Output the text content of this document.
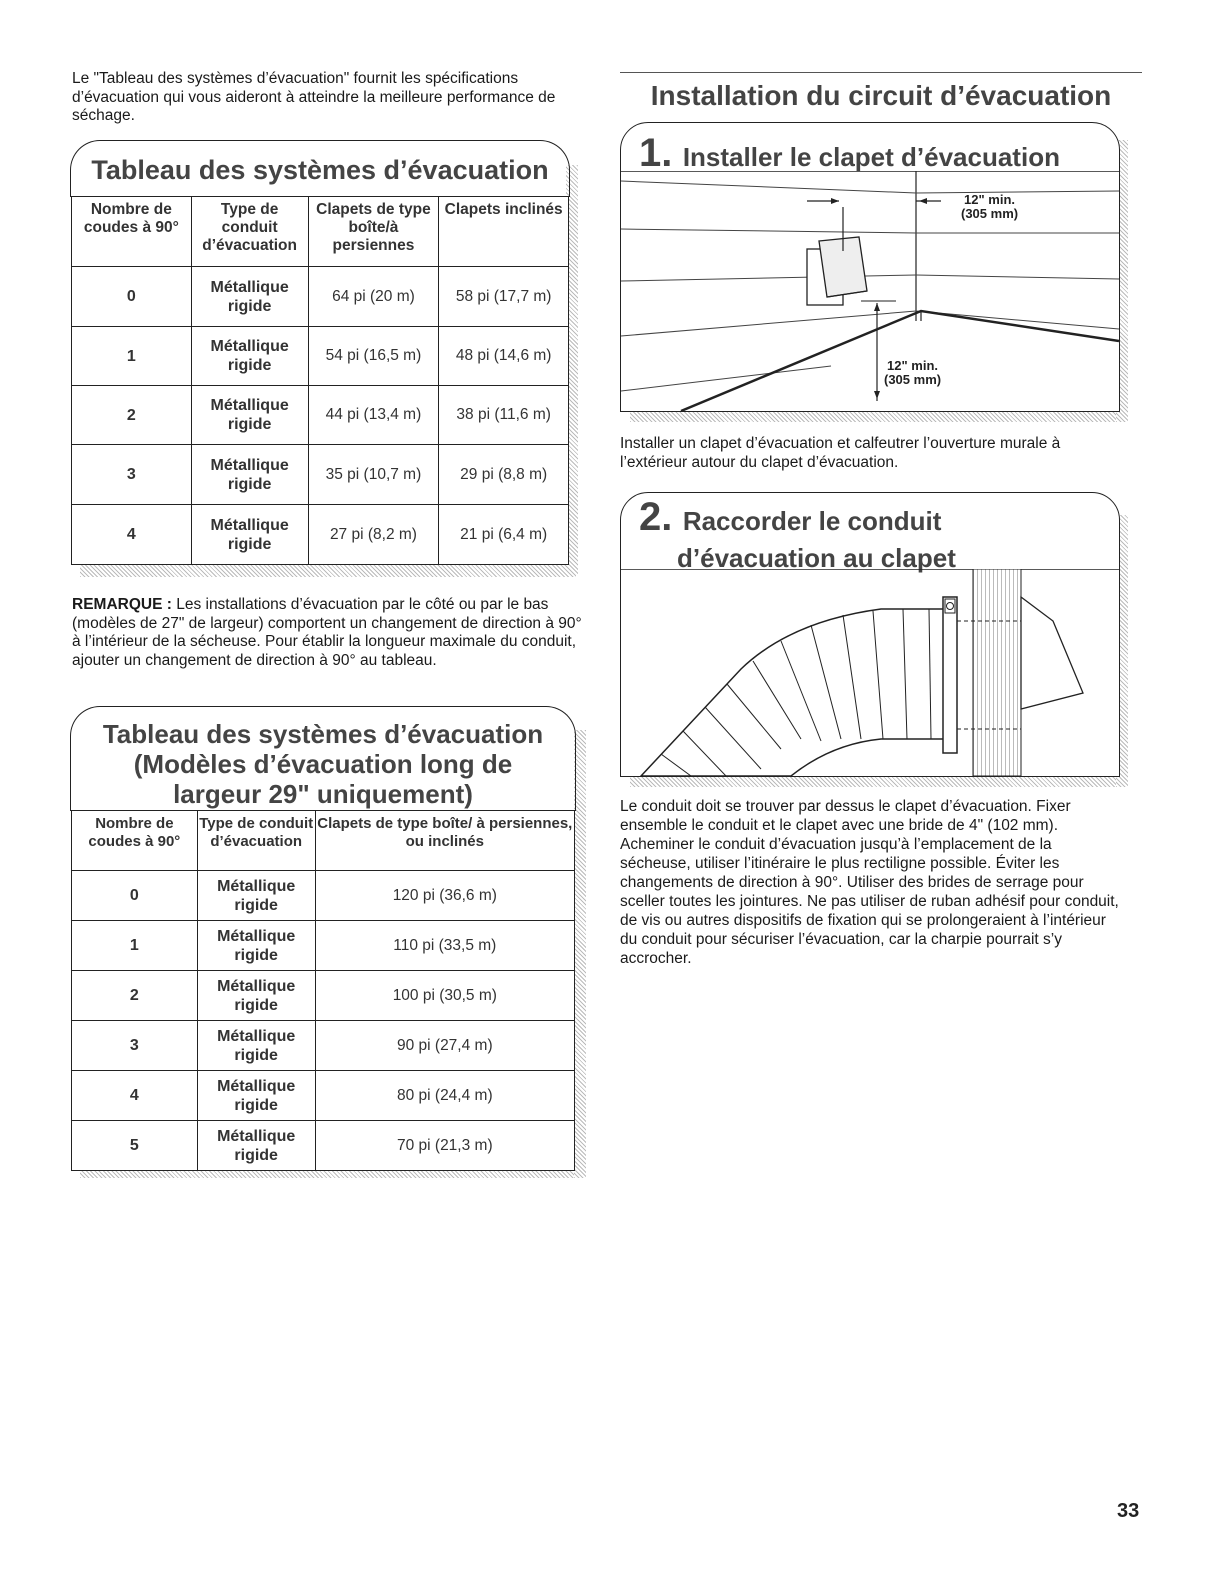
Le "Tableau des systèmes d’évacuation" fournit les spécifications d’évacuation qui vous aideront à atteindre la meilleure performance de séchage.

Tableau des systèmes d’évacuation

Nombre de coudes à 90°	Type de conduit d’évacuation	Clapets de type boîte/à persiennes	Clapets inclinés
0	Métallique rigide	64 pi (20 m)	58 pi (17,7 m)
1	Métallique rigide	54 pi (16,5 m)	48 pi (14,6 m)
2	Métallique rigide	44 pi (13,4 m)	38 pi (11,6 m)
3	Métallique rigide	35 pi (10,7 m)	29 pi (8,8 m)
4	Métallique rigide	27 pi (8,2 m)	21 pi (6,4 m)

REMARQUE : Les installations d’évacuation par le côté ou par le bas (modèles de 27" de largeur) comportent un changement de direction à 90° à l’intérieur de la sécheuse. Pour établir la longueur maximale du conduit, ajouter un changement de direction à 90° au tableau.

Tableau des systèmes d’évacuation

(Modèles d’évacuation long de

largeur 29" uniquement)

Nombre de coudes à 90°	Type de conduit d’évacuation	Clapets de type boîte/ à persiennes, ou inclinés
0	Métallique rigide	120 pi (36,6 m)
1	Métallique rigide	110 pi (33,5 m)
2	Métallique rigide	100 pi (30,5 m)
3	Métallique rigide	90 pi (27,4 m)
4	Métallique rigide	80 pi (24,4 m)
5	Métallique rigide	70 pi (21,3 m)
Installation du circuit d’évacuation

1. Installer le clapet d’évacuation

12" min.
(305 mm)
12" min.
(305 mm)

Installer un clapet d’évacuation et calfeutrer l’ouverture murale à l’extérieur autour du clapet d’évacuation.

2. Raccorder le conduit
d’évacuation au clapet

Le conduit doit se trouver par dessus le clapet d’évacuation. Fixer ensemble le conduit et le clapet avec une bride de 4" (102 mm). Acheminer le conduit d’évacuation jusqu’à l’emplacement de la sécheuse, utiliser l’itinéraire le plus rectiligne possible. Éviter les changements de direction à 90°. Utiliser des brides de serrage pour sceller toutes les jointures. Ne pas utiliser de ruban adhésif pour conduit, de vis ou autres dispositifs de fixation qui se prolongeraient à l’intérieur du conduit pour sécuriser l’évacuation, car la charpie pourrait s’y accrocher.

33
